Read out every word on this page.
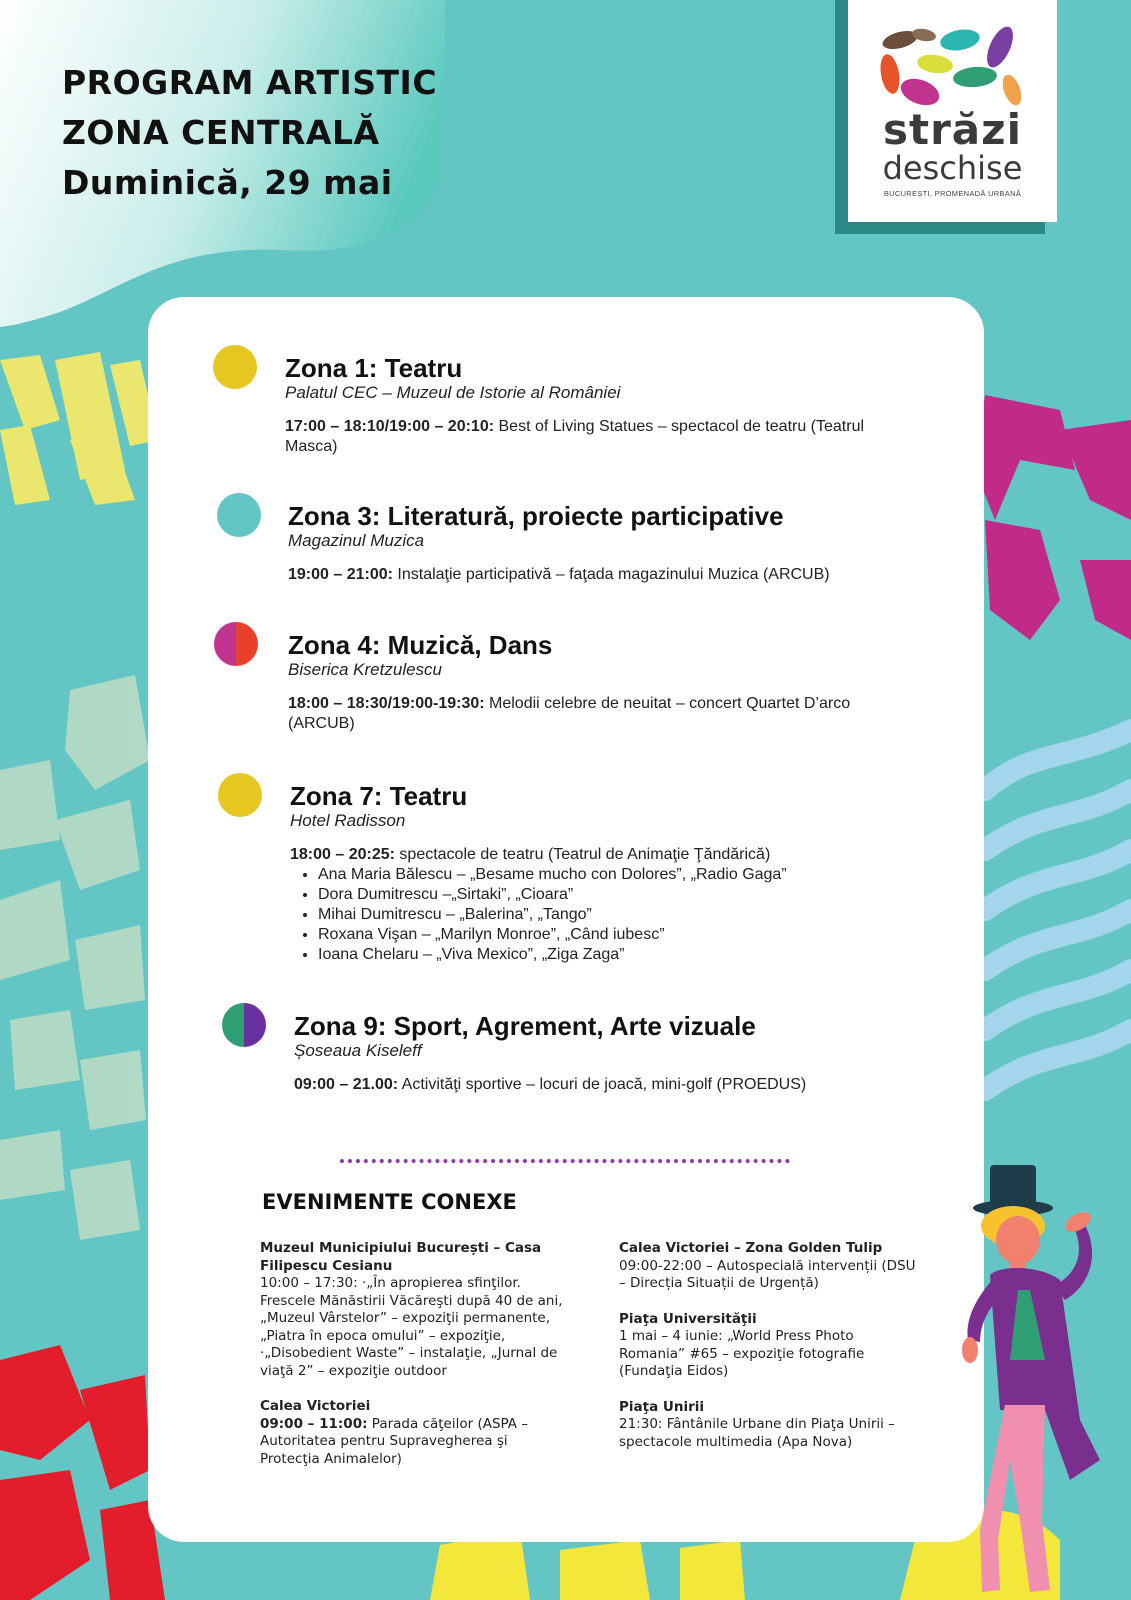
PROGRAM ARTISTIC
ZONA CENTRALĂ
Duminică, 29 mai
străzi
deschise
BUCUREȘTI, PROMENADĂ URBANĂ
Zona 1: Teatru
Palatul CEC – Muzeul de Istorie al României
17:00 – 18:10/19:00 – 20:10: Best of Living Statues – spectacol de teatru (Teatrul Masca)
Zona 3: Literatură, proiecte participative
Magazinul Muzica
19:00 – 21:00: Instalaţie participativă – faţada magazinului Muzica (ARCUB)
Zona 4: Muzică, Dans
Biserica Kretzulescu
18:00 – 18:30/19:00-19:30: Melodii celebre de neuitat – concert Quartet D’arco (ARCUB)
Zona 7: Teatru
Hotel Radisson
18:00 – 20:25: spectacole de teatru (Teatrul de Animaţie Ţăndărică)
• Ana Maria Bălescu – „Besame mucho con Dolores”, „Radio Gaga”
• Dora Dumitrescu –„Sirtaki”, „Cioara”
• Mihai Dumitrescu – „Balerina”, „Tango”
• Roxana Vişan – „Marilyn Monroe”, „Când iubesc”
• Ioana Chelaru – „Viva Mexico”, „Ziga Zaga”
Zona 9: Sport, Agrement, Arte vizuale
Șoseaua Kiseleff
09:00 – 21.00: Activităţi sportive – locuri de joacă, mini-golf (PROEDUS)
EVENIMENTE CONEXE
Muzeul Municipiului București – Casa Filipescu Cesianu
10:00 – 17:30: ·„În apropierea sfinţilor. Frescele Mănăstirii Văcăreşti după 40 de ani, „Muzeul Vârstelor” – expoziţii permanente, „Piatra în epoca omului” – expoziţie, ·„Disobedient Waste” – instalaţie, „Jurnal de viaţă 2” – expoziţie outdoor
Calea Victoriei
09:00 – 11:00: Parada căţeilor (ASPA – Autoritatea pentru Supravegherea şi Protecţia Animalelor)
Calea Victoriei – Zona Golden Tulip
09:00-22:00 – Autospecială intervenții (DSU – Direcția Situații de Urgență)
Piaţa Universităţii
1 mai – 4 iunie: „World Press Photo Romania” #65 – expoziţie fotografie (Fundaţia Eidos)
Piaţa Unirii
21:30: Fântânile Urbane din Piaţa Unirii – spectacole multimedia (Apa Nova)
